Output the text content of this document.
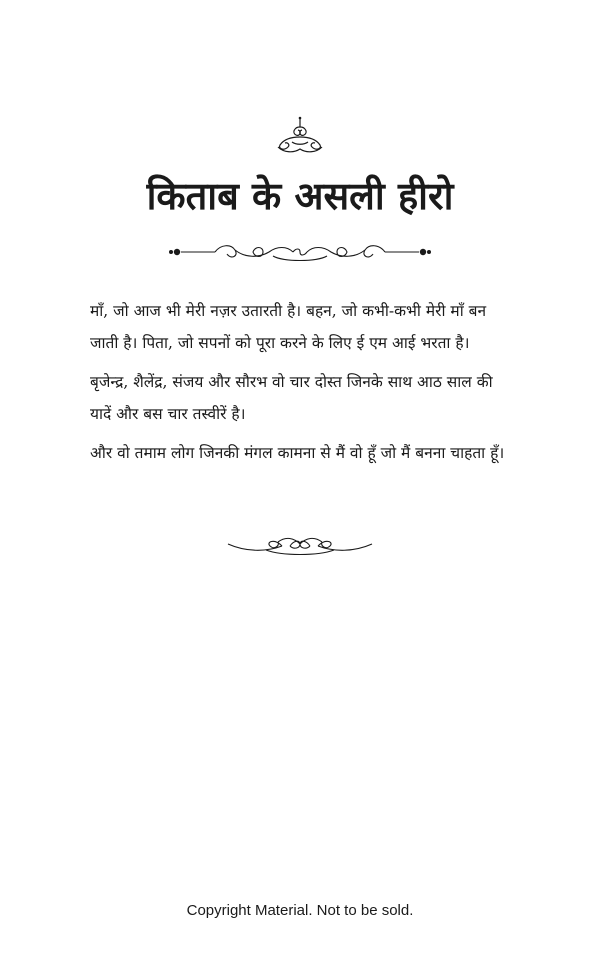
किताब के असली हीरो

माँ, जो आज भी मेरी नज़र उतारती है। बहन, जो कभी-कभी मेरी माँ बन जाती है। पिता, जो सपनों को पूरा करने के लिए ई एम आई भरता है।

बृजेन्द्र, शैलेंद्र, संजय और सौरभ वो चार दोस्त जिनके साथ आठ साल की यादें और बस चार तस्वीरें है।

और वो तमाम लोग जिनकी मंगल कामना से मैं वो हूँ जो मैं बनना चाहता हूँ।

Copyright Material. Not to be sold.
